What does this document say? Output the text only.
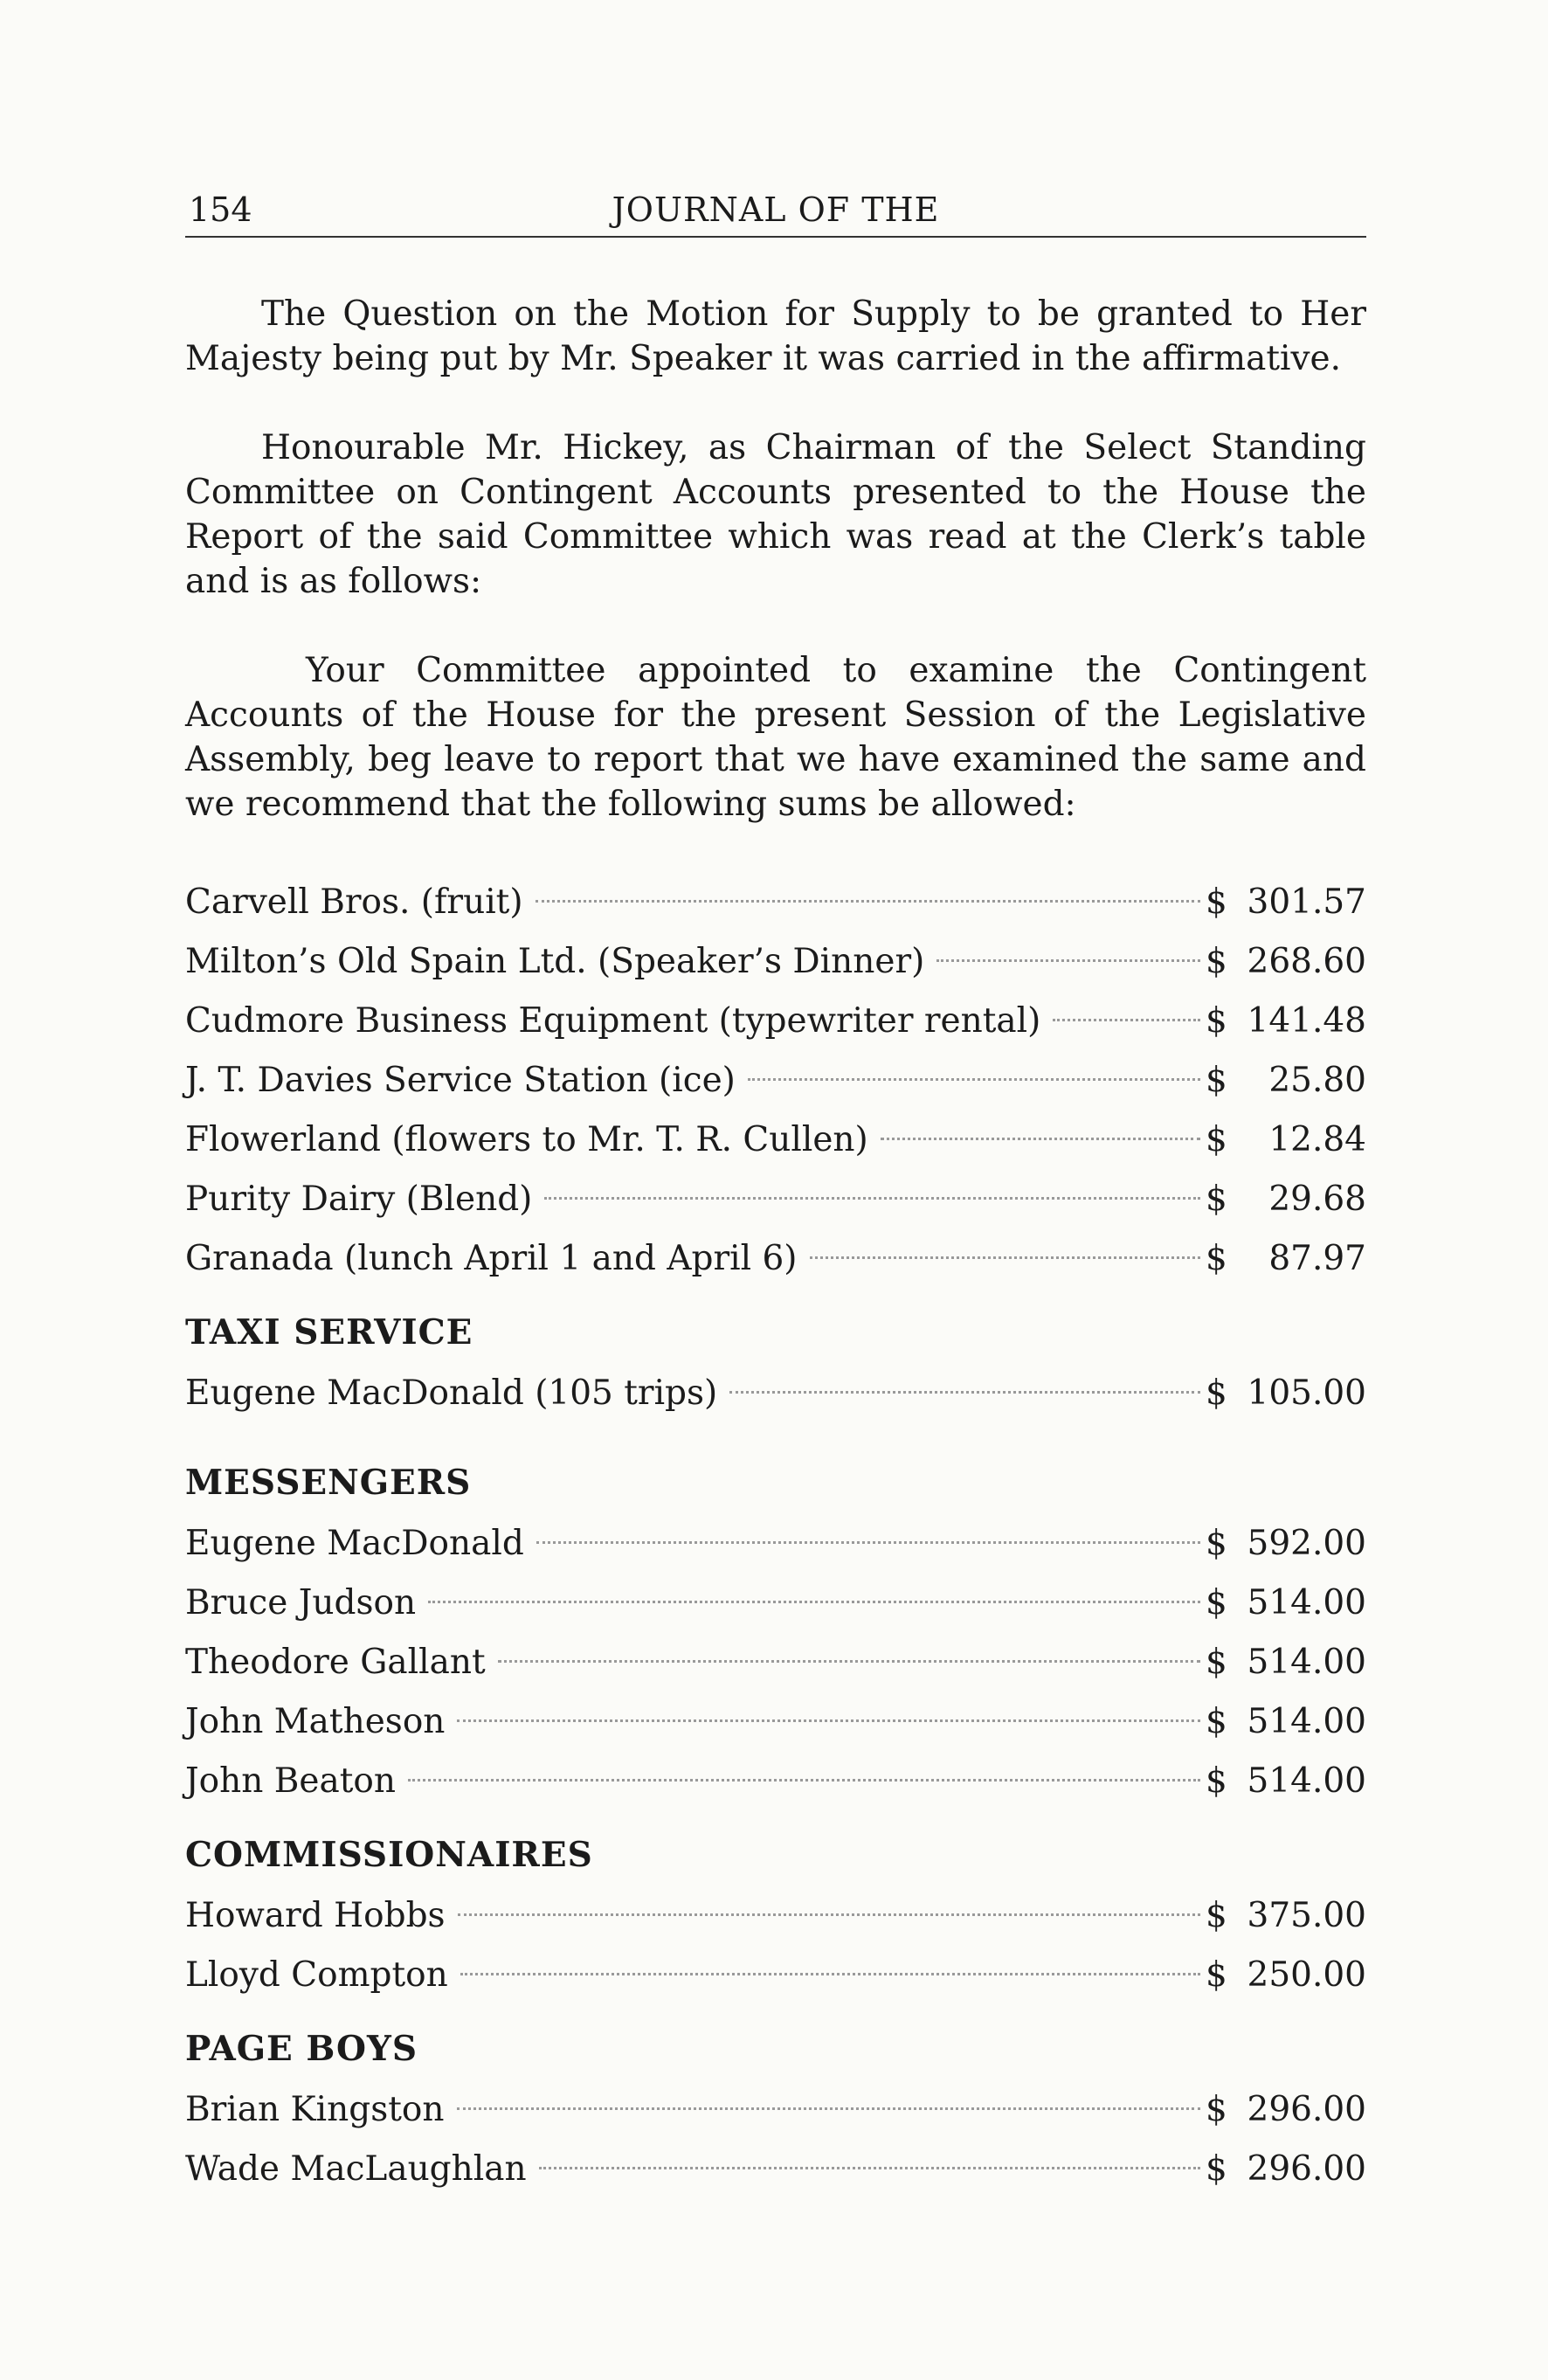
154	JOURNAL OF THE

The Question on the Motion for Supply to be granted to Her Majesty being put by Mr. Speaker it was carried in the affirmative.

Honourable Mr. Hickey, as Chairman of the Select Standing Committee on Contingent Accounts presented to the House the Report of the said Committee which was read at the Clerk’s table and is as follows:

Your Committee appointed to examine the Contingent Accounts of the House for the present Session of the Legislative Assembly, beg leave to report that we have examined the same and we recommend that the following sums be allowed:

Carvell Bros. (fruit)	$ 301.57
Milton’s Old Spain Ltd. (Speaker’s Dinner)	$ 268.60
Cudmore Business Equipment (typewriter rental)	$ 141.48
J. T. Davies Service Station (ice)	$	25.80
Flowerland (flowers to Mr. T. R. Cullen)	$	12.84
Purity Dairy (Blend)	$	29.68
Granada (lunch April 1 and April 6)	$	87.97
TAXI SERVICE
Eugene MacDonald (105 trips)	$ 105.00
MESSENGERS
Eugene MacDonald	$ 592.00
Bruce Judson	$ 514.00
Theodore Gallant	$ 514.00
John Matheson	$ 514.00
John Beaton	$ 514.00
COMMISSIONAIRES
Howard Hobbs	$ 375.00
Lloyd Compton	$ 250.00
PAGE BOYS
Brian Kingston	$ 296.00
Wade MacLaughlan	$ 296.00
